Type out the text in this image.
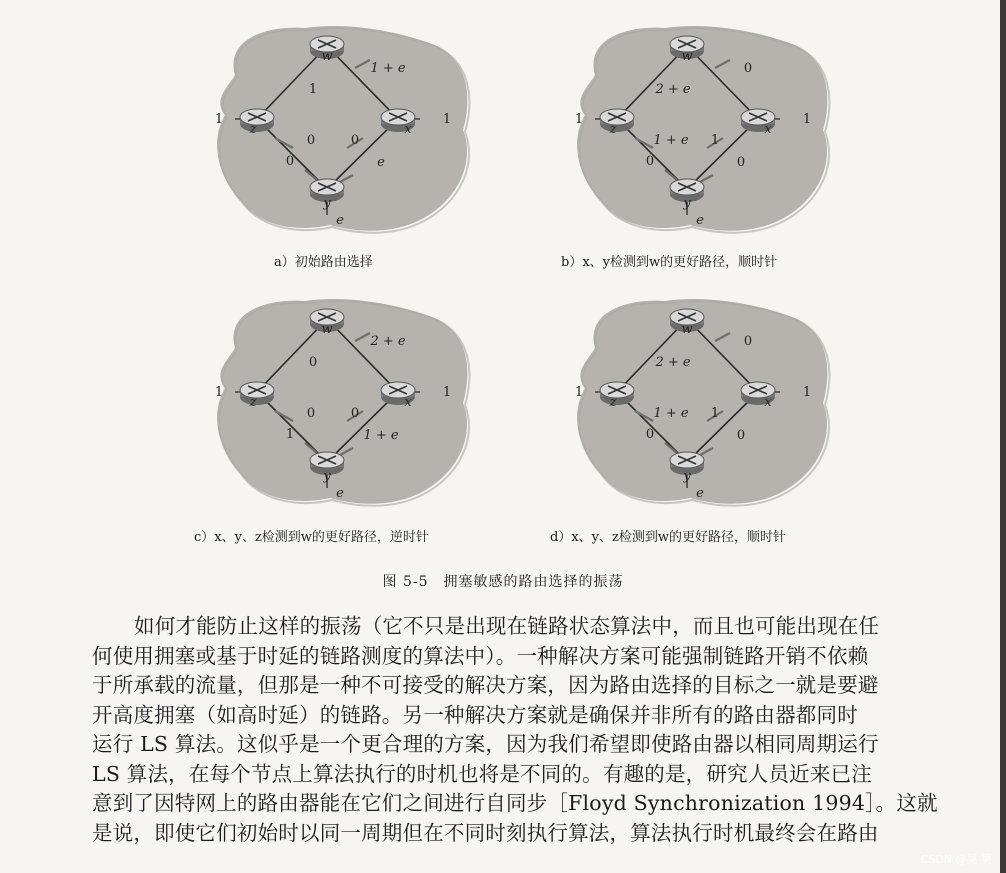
w
z	x
y
1 + e
1
0
0
0
e
1	1
e
w
z	x
y
0
2 + e
1 + e
0
1
0
1	1
e
w
z	x
y
2 + e
0
0
1
0
1 + e
1	1
e
w
z	x
y
0
2 + e
1 + e
0
1
0
1	1
e
a）初始路由选择	b）x、y检测到w的更好路径，顺时针
c）x、y、z检测到w的更好路径，逆时针	d）x、y、z检测到w的更好路径，顺时针
图 5-5　拥塞敏感的路由选择的振荡

如何才能防止这样的振荡（它不只是出现在链路状态算法中，而且也可能出现在任

何使用拥塞或基于时延的链路测度的算法中）。一种解决方案可能强制链路开销不依赖

于所承载的流量，但那是一种不可接受的解决方案，因为路由选择的目标之一就是要避

开高度拥塞（如高时延）的链路。另一种解决方案就是确保并非所有的路由器都同时

运行 LS 算法。这似乎是一个更合理的方案，因为我们希望即使路由器以相同周期运行

LS 算法，在每个节点上算法执行的时机也将是不同的。有趣的是，研究人员近来已注

意到了因特网上的路由器能在它们之间进行自同步［Floyd Synchronization 1994］。这就

是说，即使它们初始时以同一周期但在不同时刻执行算法，算法执行时机最终会在路由

CSDN @昊 昊
